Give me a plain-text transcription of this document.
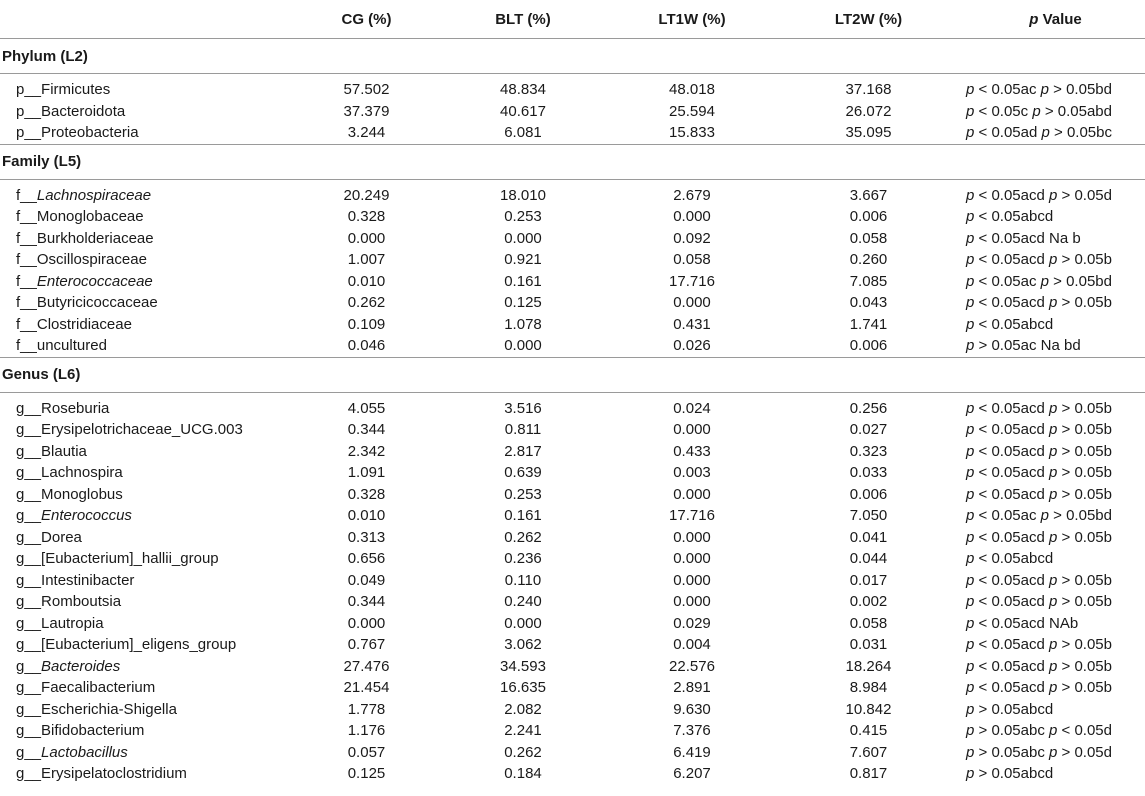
	CG (%)	BLT (%)	LT1W (%)	LT2W (%)	p Value
Phylum (L2)					
p__Firmicutes	57.502	48.834	48.018	37.168	p < 0.05ac p > 0.05bd
p__Bacteroidota	37.379	40.617	25.594	26.072	p < 0.05c p > 0.05abd
p__Proteobacteria	3.244	6.081	15.833	35.095	p < 0.05ad p > 0.05bc
Family (L5)					
f__Lachnospiraceae	20.249	18.010	2.679	3.667	p < 0.05acd p > 0.05d
f__Monoglobaceae	0.328	0.253	0.000	0.006	p < 0.05abcd
f__Burkholderiaceae	0.000	0.000	0.092	0.058	p < 0.05acd Na b
f__Oscillospiraceae	1.007	0.921	0.058	0.260	p < 0.05acd p > 0.05b
f__Enterococcaceae	0.010	0.161	17.716	7.085	p < 0.05ac p > 0.05bd
f__Butyricicoccaceae	0.262	0.125	0.000	0.043	p < 0.05acd p > 0.05b
f__Clostridiaceae	0.109	1.078	0.431	1.741	p < 0.05abcd
f__uncultured	0.046	0.000	0.026	0.006	p > 0.05ac Na bd
Genus (L6)					
g__Roseburia	4.055	3.516	0.024	0.256	p < 0.05acd p > 0.05b
g__Erysipelotrichaceae_UCG.003	0.344	0.811	0.000	0.027	p < 0.05acd p > 0.05b
g__Blautia	2.342	2.817	0.433	0.323	p < 0.05acd p > 0.05b
g__Lachnospira	1.091	0.639	0.003	0.033	p < 0.05acd p > 0.05b
g__Monoglobus	0.328	0.253	0.000	0.006	p < 0.05acd p > 0.05b
g__Enterococcus	0.010	0.161	17.716	7.050	p < 0.05ac p > 0.05bd
g__Dorea	0.313	0.262	0.000	0.041	p < 0.05acd p > 0.05b
g__[Eubacterium]_hallii_group	0.656	0.236	0.000	0.044	p < 0.05abcd
g__Intestinibacter	0.049	0.110	0.000	0.017	p < 0.05acd p > 0.05b
g__Romboutsia	0.344	0.240	0.000	0.002	p < 0.05acd p > 0.05b
g__Lautropia	0.000	0.000	0.029	0.058	p < 0.05acd NAb
g__[Eubacterium]_eligens_group	0.767	3.062	0.004	0.031	p < 0.05acd p > 0.05b
g__Bacteroides	27.476	34.593	22.576	18.264	p < 0.05acd p > 0.05b
g__Faecalibacterium	21.454	16.635	2.891	8.984	p < 0.05acd p > 0.05b
g__Escherichia-Shigella	1.778	2.082	9.630	10.842	p > 0.05abcd
g__Bifidobacterium	1.176	2.241	7.376	0.415	p > 0.05abc p < 0.05d
g__Lactobacillus	0.057	0.262	6.419	7.607	p > 0.05abc p > 0.05d
g__Erysipelatoclostridium	0.125	0.184	6.207	0.817	p > 0.05abcd
